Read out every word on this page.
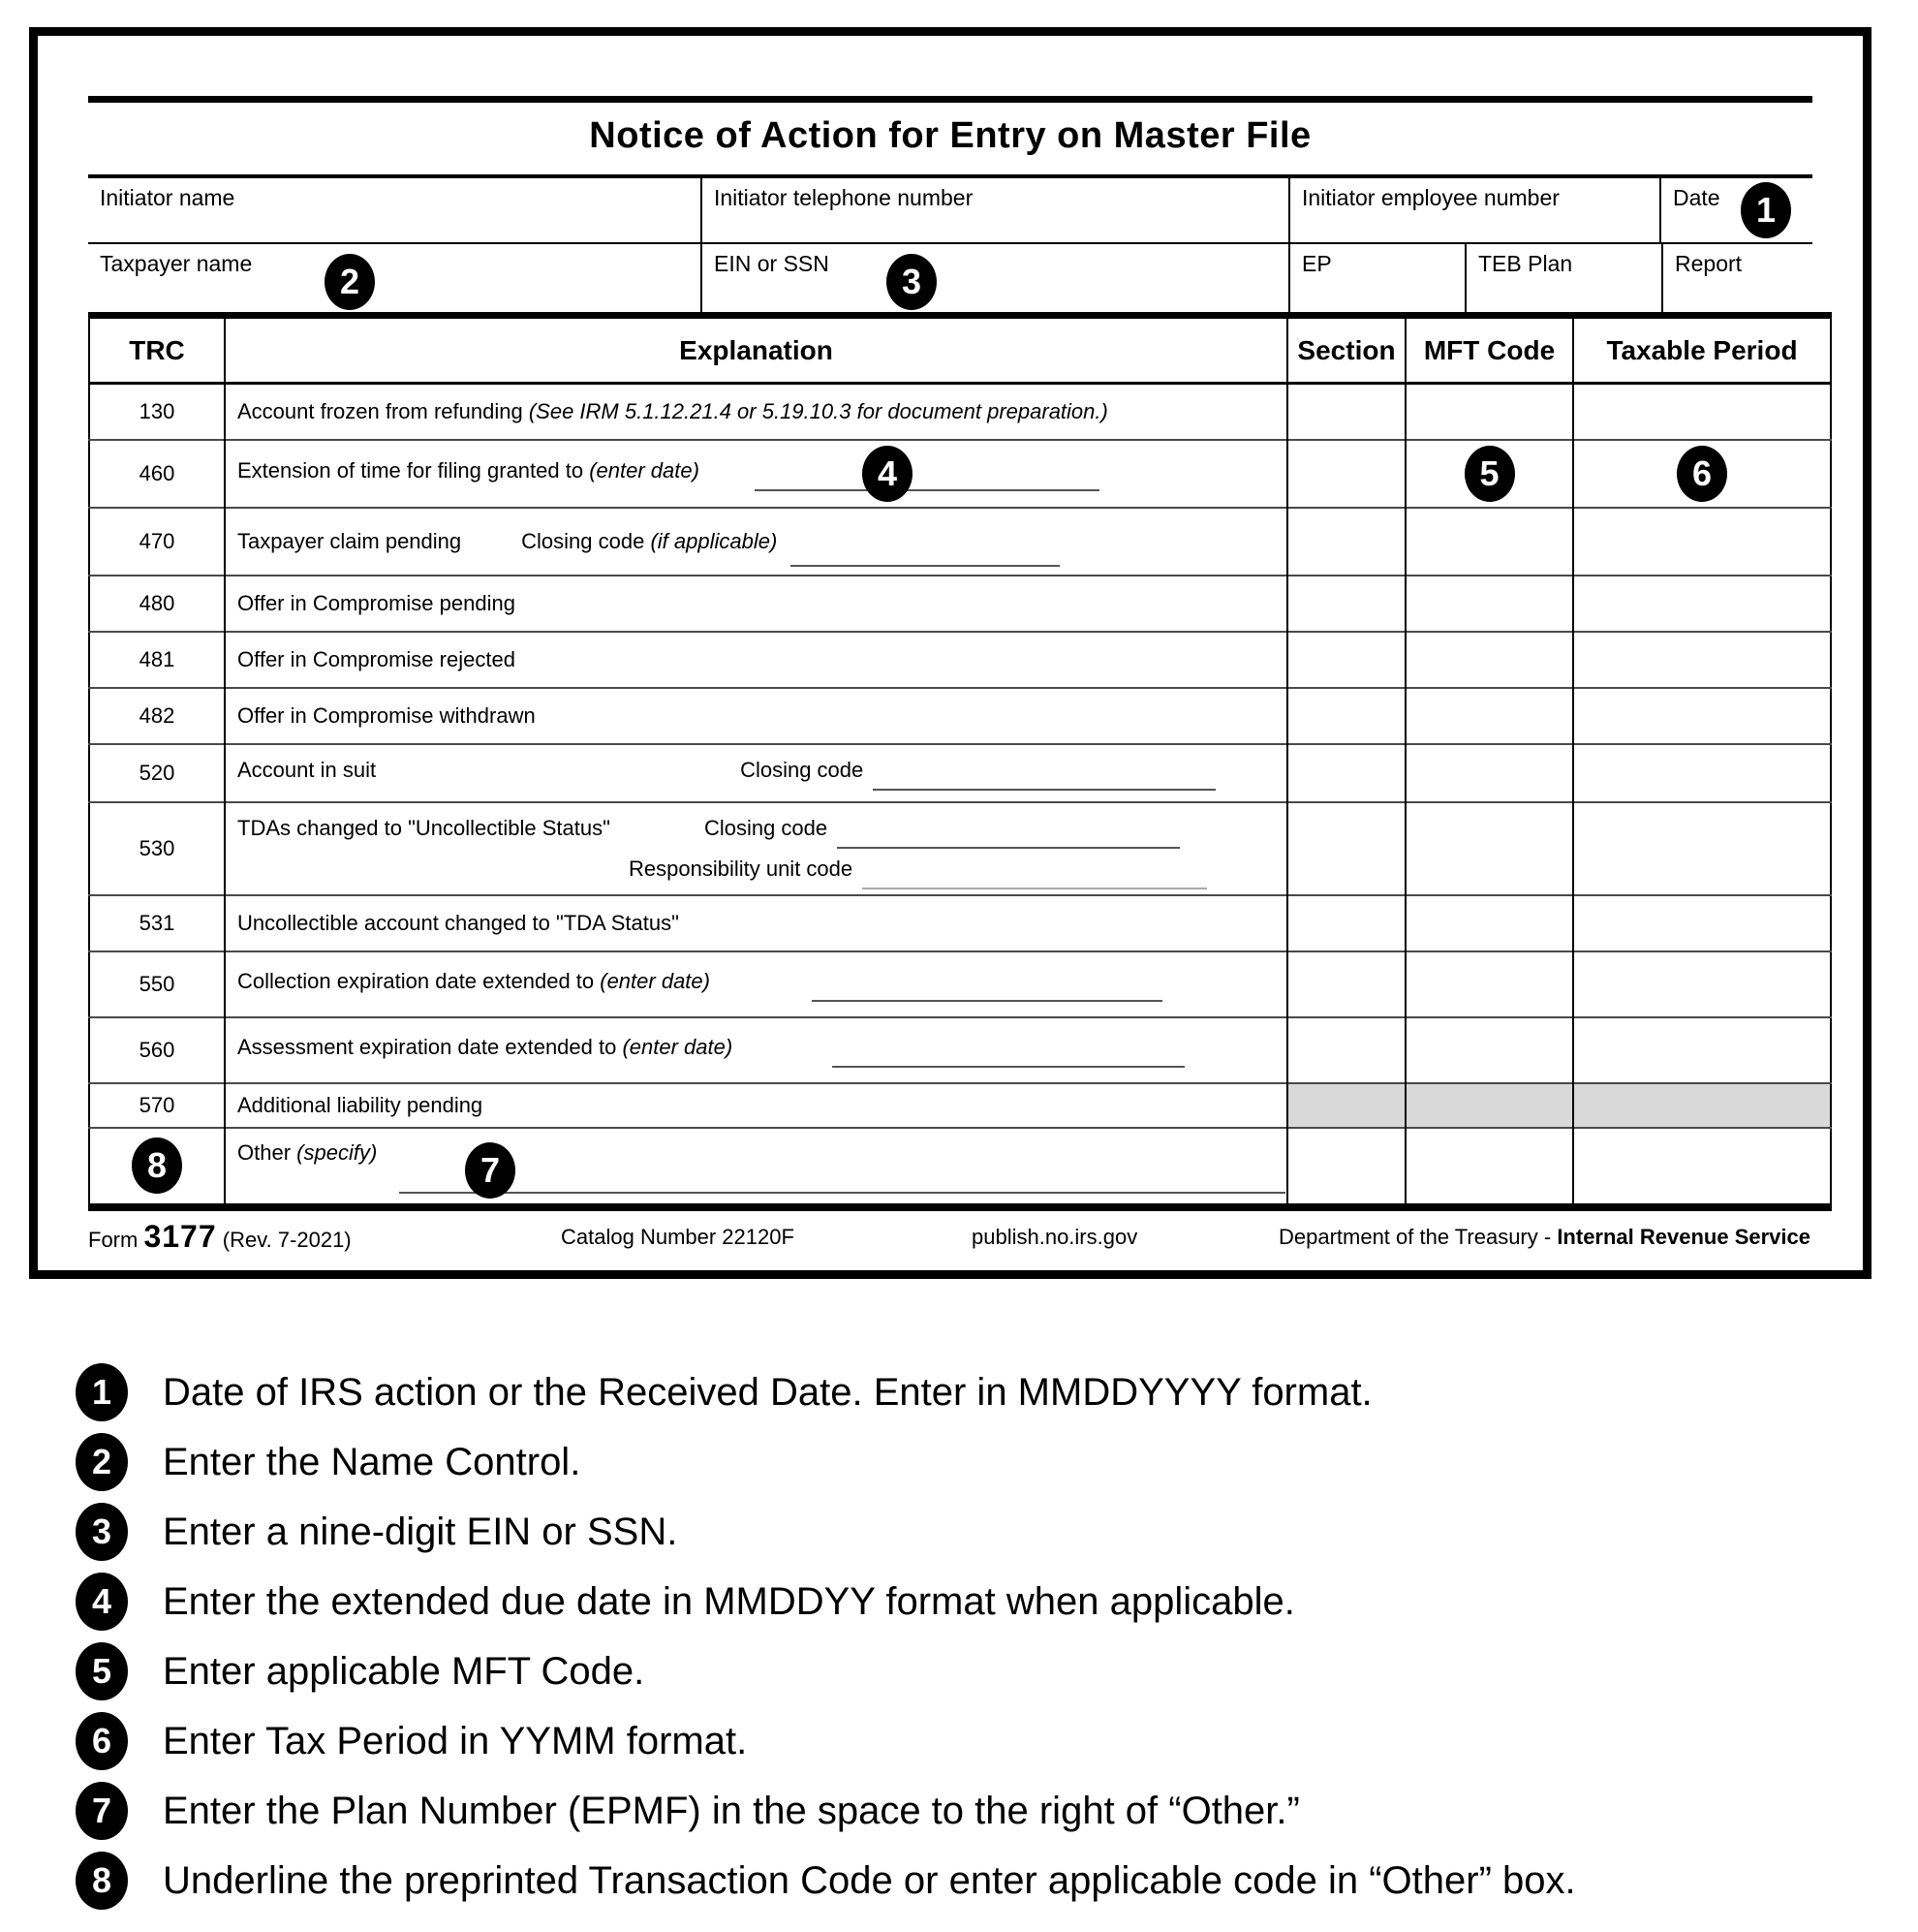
Notice of Action for Entry on Master File
Initiator name	Initiator telephone number	Initiator employee number	Date	1
Taxpayer name	2	EIN or SSN	3	EP	TEB Plan	Report
TRC	Explanation	Section	MFT Code	Taxable Period
130	Account frozen from refunding (See IRM 5.1.12.21.4 or 5.19.10.3 for document preparation.)			

460	Extension of time for filing granted to (enter date) 4		5	6

470	Taxpayer claim pending Closing code (if applicable)			

480	Offer in Compromise pending			

481	Offer in Compromise rejected			

482	Offer in Compromise withdrawn			

520	Account in suit Closing code			

530	TDAs changed to "Uncollectible Status" Closing code
Responsibility unit code			

531	Uncollectible account changed to "TDA Status"			

550	Collection expiration date extended to (enter date)			

560	Assessment expiration date extended to (enter date)			

570	Additional liability pending			

8	Other (specify) 7			

Form 3177 (Rev. 7-2021)	Catalog Number 22120F	publish.no.irs.gov	Department of the Treasury - Internal Revenue Service
1	Date of IRS action or the Received Date. Enter in MMDDYYYY format.
2	Enter the Name Control.
3	Enter a nine-digit EIN or SSN.
4	Enter the extended due date in MMDDYY format when applicable.
5	Enter applicable MFT Code.
6	Enter Tax Period in YYMM format.
7	Enter the Plan Number (EPMF) in the space to the right of “Other.”
8	Underline the preprinted Transaction Code or enter applicable code in “Other” box.
